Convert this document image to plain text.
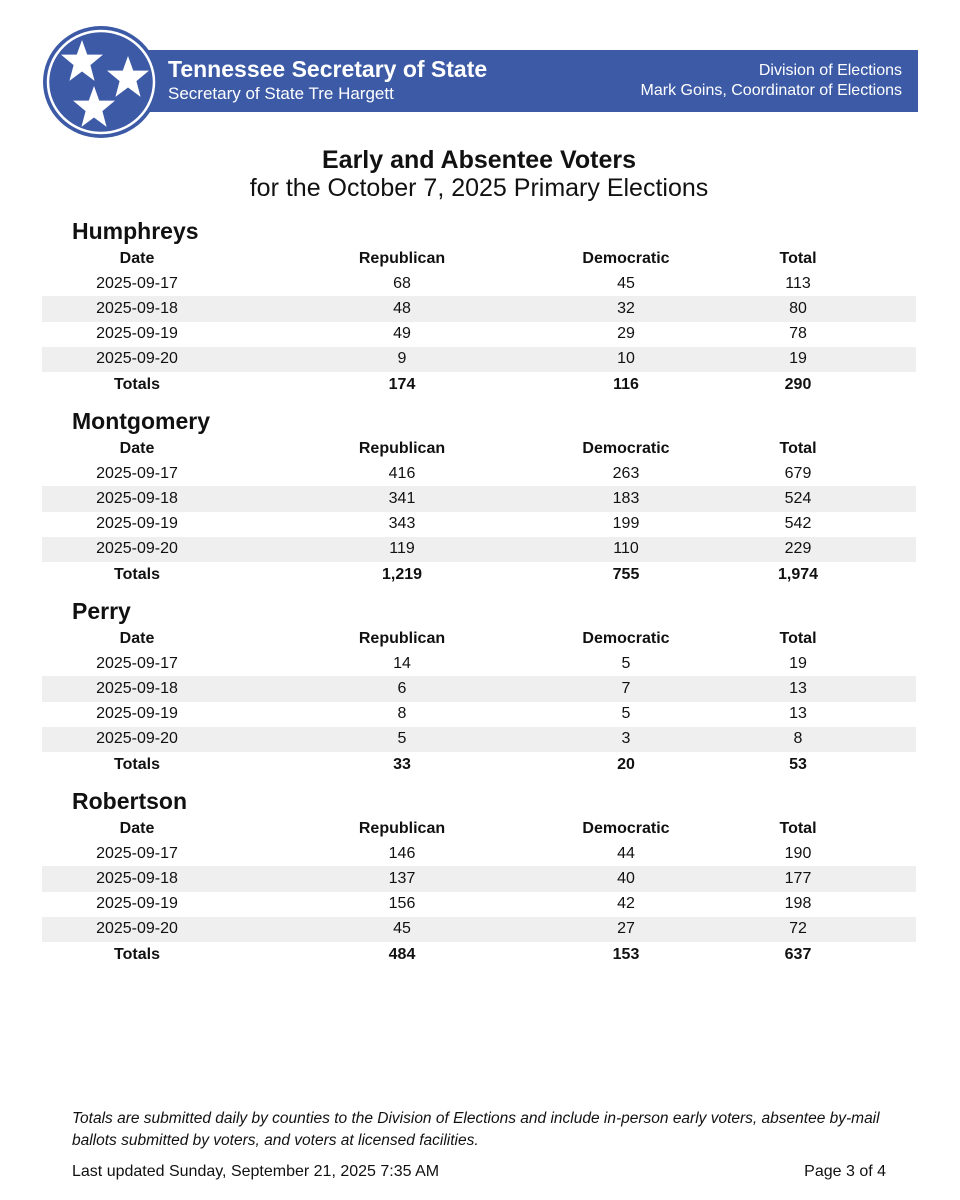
Tennessee Secretary of State
Secretary of State Tre Hargett
Division of Elections
Mark Goins, Coordinator of Elections
Early and Absentee Voters
for the October 7, 2025 Primary Elections
Humphreys
Date	Republican	Democratic	Total
2025-09-17	68	45	113
2025-09-18	48	32	80
2025-09-19	49	29	78
2025-09-20	9	10	19
Totals	174	116	290
Montgomery
Date	Republican	Democratic	Total
2025-09-17	416	263	679
2025-09-18	341	183	524
2025-09-19	343	199	542
2025-09-20	119	110	229
Totals	1,219	755	1,974
Perry
Date	Republican	Democratic	Total
2025-09-17	14	5	19
2025-09-18	6	7	13
2025-09-19	8	5	13
2025-09-20	5	3	8
Totals	33	20	53
Robertson
Date	Republican	Democratic	Total
2025-09-17	146	44	190
2025-09-18	137	40	177
2025-09-19	156	42	198
2025-09-20	45	27	72
Totals	484	153	637
Totals are submitted daily by counties to the Division of Elections and include in-person early voters, absentee by-mail ballots submitted by voters, and voters at licensed facilities.
Last updated Sunday, September 21, 2025 7:35 AM	Page 3 of 4
